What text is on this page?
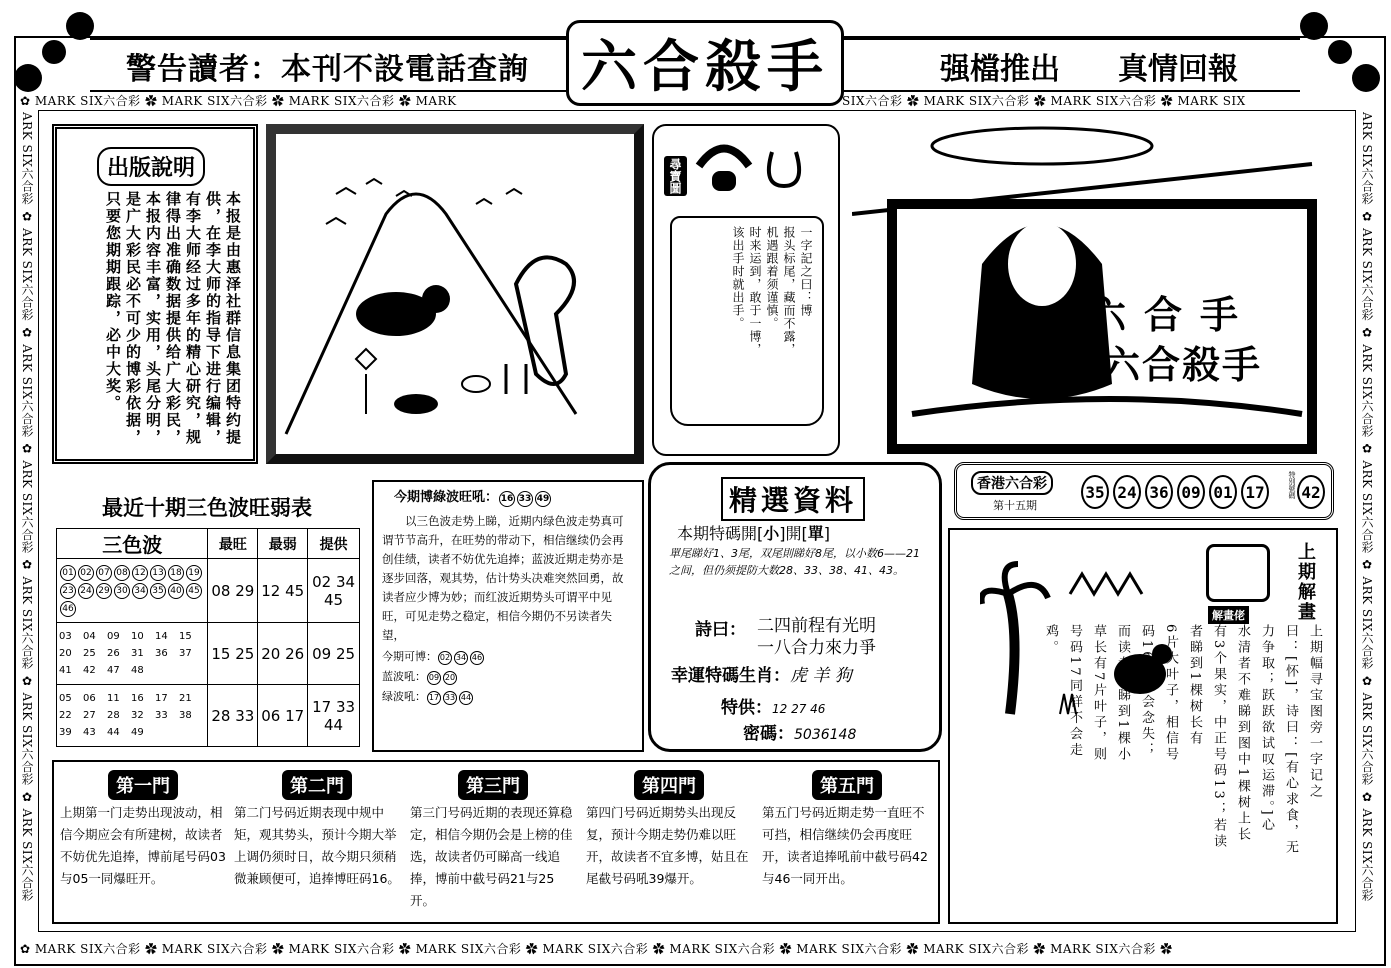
警告讀者：本刊不設電話查詢 六合殺手	强檔推出 真情回報
✿ MARK SIX六合彩 ✿ MARK SIX六合彩 ✿ MARK SIX六合彩 ✿ MARK	SIX六合彩 ✿ MARK SIX六合彩 ✿ MARK SIX六合彩 ✿ MARK SIX
ARK SIX六合彩 ✿ ARK SIX六合彩 ✿ ARK SIX六合彩 ✿ ARK SIX六合彩 ✿ ARK SIX六合彩 ✿ ARK SIX六合彩 ✿ ARK SIX六合彩	ARK SIX六合彩 ✿ ARK SIX六合彩 ✿ ARK SIX六合彩 ✿ ARK SIX六合彩 ✿ ARK SIX六合彩 ✿ ARK SIX六合彩 ✿ ARK SIX六合彩
✿ MARK SIX六合彩 ✿ MARK SIX六合彩 ✿ MARK SIX六合彩 ✿ MARK SIX六合彩 ✿ MARK SIX六合彩 ✿ MARK SIX六合彩 ✿ MARK SIX六合彩 ✿ MARK SIX六合彩 ✿ MARK SIX六合彩 ✿
出版說明
本报是由惠泽社群信息集团特约提供，在李大师的指导下进行编辑，有李大师经过多年的精心研究，规律得出准确数据提供给广大彩民，本报内容丰富，实用，头尾分明，是广大彩民必不可少的博彩依据，只要您期期跟踪，必中大奖。
尋寶圖
一字記之曰：博
报头标尾，藏而不露，
机遇跟着须谨慎。
时来运到，敢于一博，
该出手时就出手。	六合手
六合殺手
最近十期三色波旺弱表
三色波	最旺	最弱	提供

01 02 07 08 12 13 18 1923 24 29 30 34 35 40 4546	08 29	12 45	02 34 45

03 04 09 10 14 1520 25 26 31 36 3741 42 47 48	15 25	20 26	09 25

05 06 11 16 17 2122 27 28 32 33 3839 43 44 49	28 33	06 17	17 33 44
今期博綠波旺吼： 16 33 49
以三色波走势上睇，近期内绿色波走势真可谓节节高升，在旺势的带动下，相信继续仍会再创佳绩，读者不妨优先追捧；蓝波近期走势亦是逐步回落，观其势，估计势头决难突然回勇，故读者应少博为妙；而红波近期势头可谓平中见旺，可见走势之稳定，相信今期仍不另读者失望，
今期可博： 02 34 46
蓝波吼： 09 20
绿波吼： 17 33 44
精選資料
本期特碼開[小]開[單]
單尾睇好1、3尾，双尾則睇好8尾，以小数6——21之间，但仍须提防大数28、33、38、41、43。
詩曰： 二四前程有光明
一八合力來力爭
幸運特碼生肖：虎 羊 狗
特供：12 27 46
密碼：5036148
香港六合彩
第十五期
35 24 36 09 01 17	特別號碼 42
上期解畫
解畫佬
上期幅寻宝图旁一字记之
曰：[怀]，诗曰：[有心求食，无
力争取；跃跃欲试叹运滞。]心
水清者不难睇到图中1棵树上长
有3个果实，中正号码13；若读
者睇到1棵树长有
6片大叶子，相信号
码16也不会念失；
而读者若睇到1棵小
草长有7片叶子，则
号码17同样不会走
鸡。
第一門
上期第一门走势出现波动，相信今期应会有所建树，故读者不妨优先追捧，博前尾号码03与05一同爆旺开。
第二門
第二门号码近期表现中规中矩，观其势头，预计今期大举上调仍须时日，故今期只须稍微兼顾便可，追捧博旺码16。
第三門
第三门号码近期的表现还算稳定，相信今期仍会是上榜的佳选，故读者仍可睇高一线追捧，博前中截号码21与25开。
第四門
第四门号码近期势头出现反复，预计今期走势仍难以旺开，故读者不宜多博，姑且在尾截号码吼39爆开。
第五門
第五门号码近期走势一直旺不可挡，相信继续仍会再度旺开，读者追捧吼前中截号码42与46一同开出。
